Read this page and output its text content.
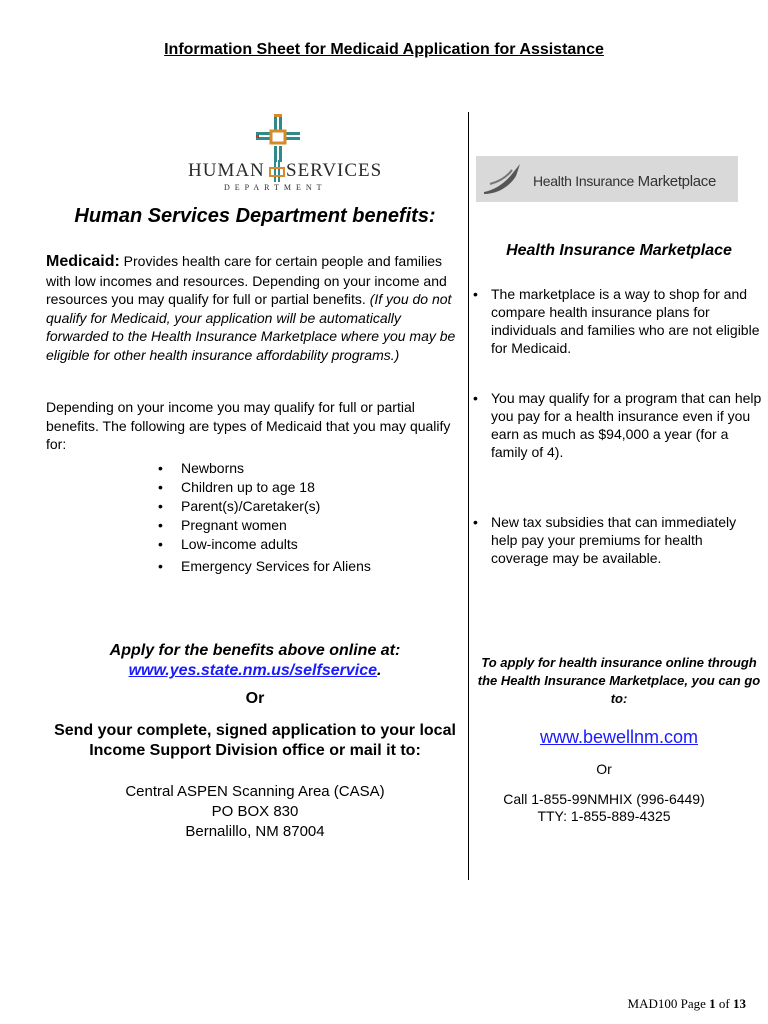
Information Sheet for Medicaid Application for Assistance
HUMAN SERVICES
DEPARTMENT
Human Services Department benefits:
Medicaid: Provides health care for certain people and families with low incomes and resources. Depending on your income and resources you may qualify for full or partial benefits. (If you do not qualify for Medicaid, your application will be automatically forwarded to the Health Insurance Marketplace where you may be eligible for other health insurance affordability programs.)
Depending on your income you may qualify for full or partial benefits. The following are types of Medicaid that you may qualify for:
• Newborns
• Children up to age 18
• Parent(s)/Caretaker(s)
• Pregnant women
• Low-income adults
• Emergency Services for Aliens
Apply for the benefits above online at:
www.yes.state.nm.us/selfservice.
Or
Send your complete, signed application to your local Income Support Division office or mail it to:
Central ASPEN Scanning Area (CASA)
PO BOX 830
Bernalillo, NM 87004
Health Insurance Marketplace
Health Insurance Marketplace
• The marketplace is a way to shop for and compare health insurance plans for individuals and families who are not eligible for Medicaid.
• You may qualify for a program that can help you pay for a health insurance even if you earn as much as $94,000 a year (for a family of 4).
• New tax subsidies that can immediately help pay your premiums for health coverage may be available.
To apply for health insurance online through the Health Insurance Marketplace, you can go to:
www.bewellnm.com
Or
Call 1-855-99NMHIX (996-6449)
TTY: 1-855-889-4325
MAD100 Page 1 of 13
